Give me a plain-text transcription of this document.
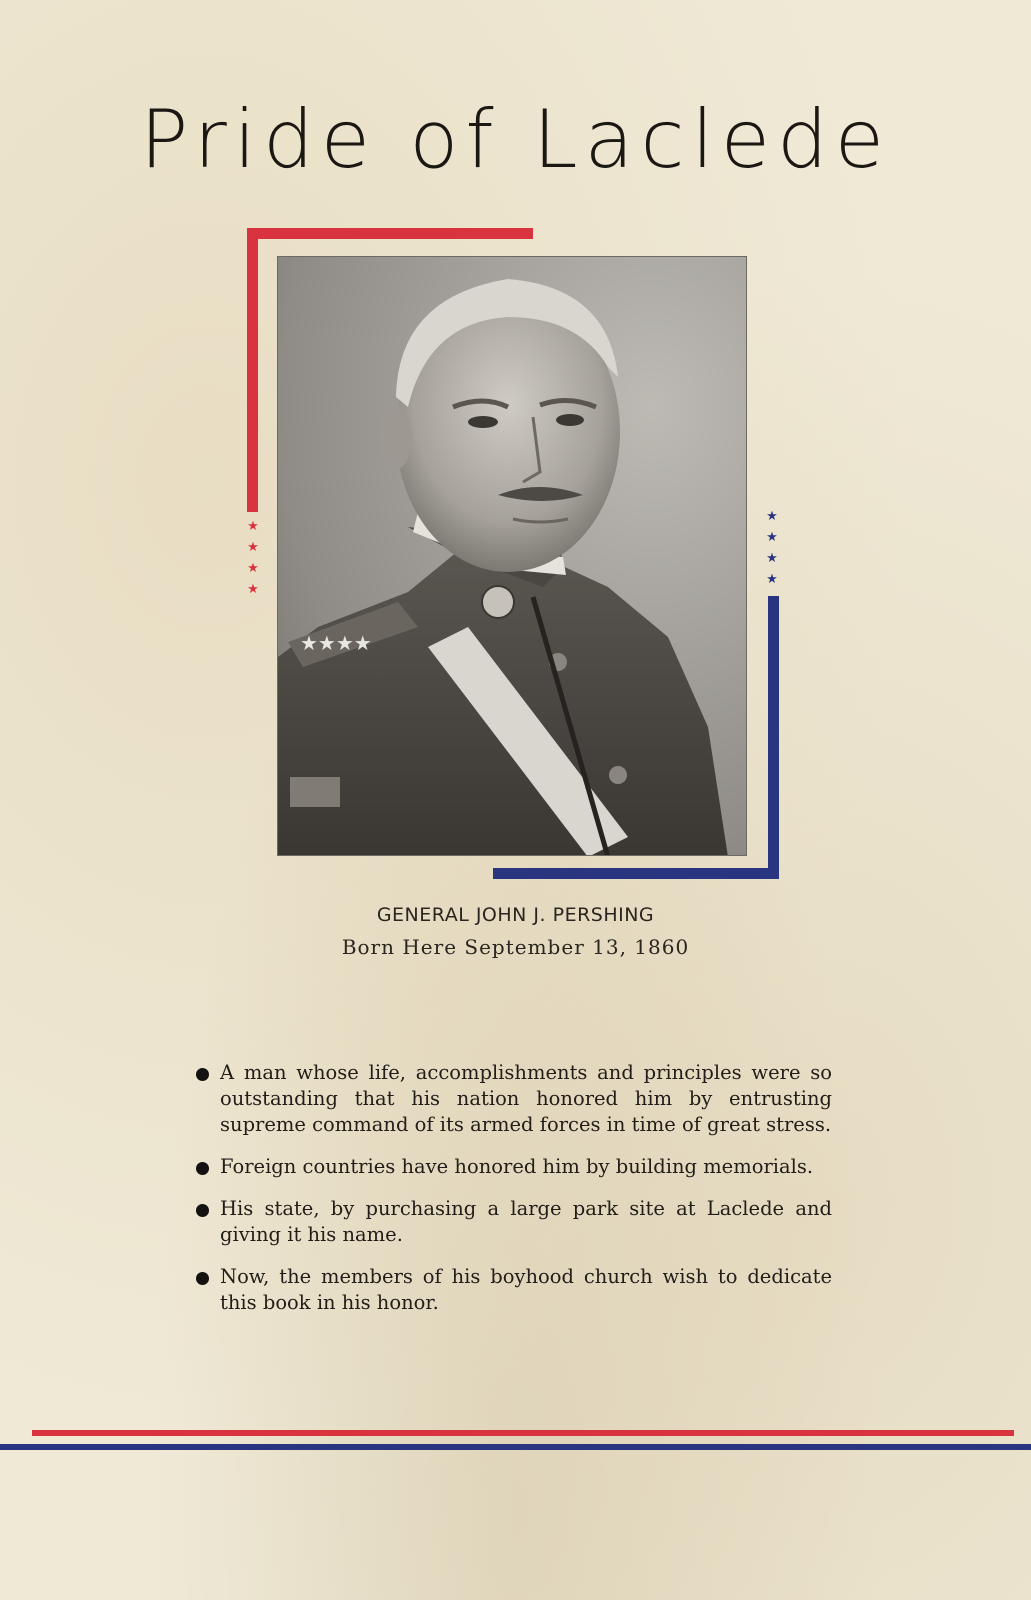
Pride of Laclede
★
★
★
★
★
★
★
★
★★★★
GENERAL JOHN J. PERSHING
Born Here September 13, 1860
A man whose life, accomplishments and principles were so outstanding that his nation honored him by entrusting supreme command of its armed forces in time of great stress.
Foreign countries have honored him by building memorials.
His state, by purchasing a large park site at Laclede and giving it his name.
Now, the members of his boyhood church wish to dedicate this book in his honor.
